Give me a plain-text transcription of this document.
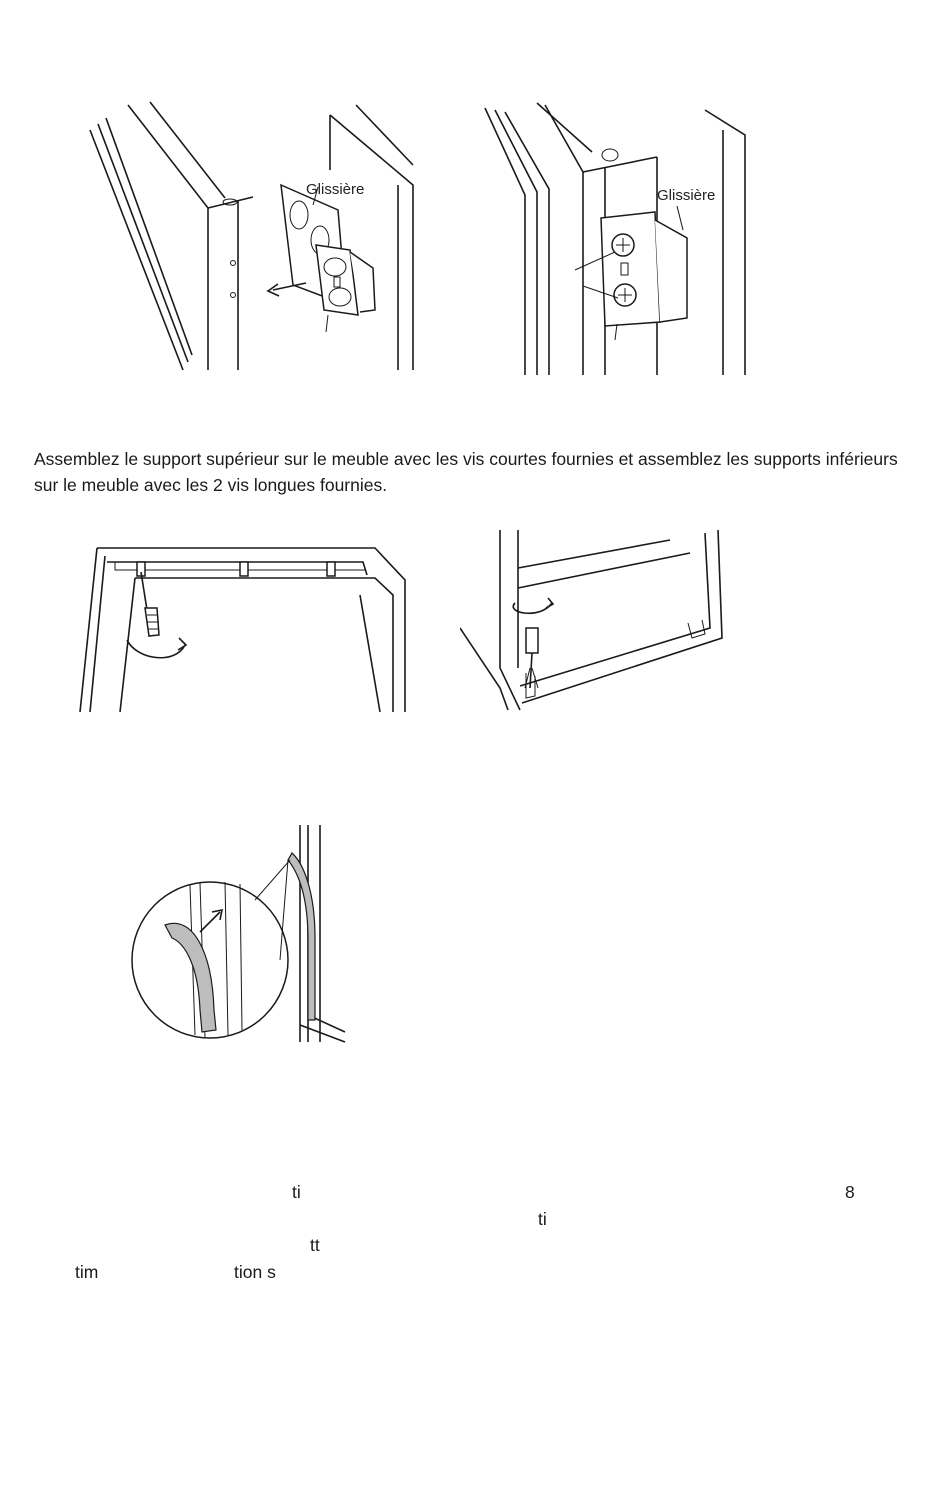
Glissière	Glissière

Assemblez le support supérieur sur le meuble avec les vis courtes fournies et assemblez les supports inférieurs sur le meuble avec les 2 vis longues fournies.

ti	8
ti
tt
tim	tion s
